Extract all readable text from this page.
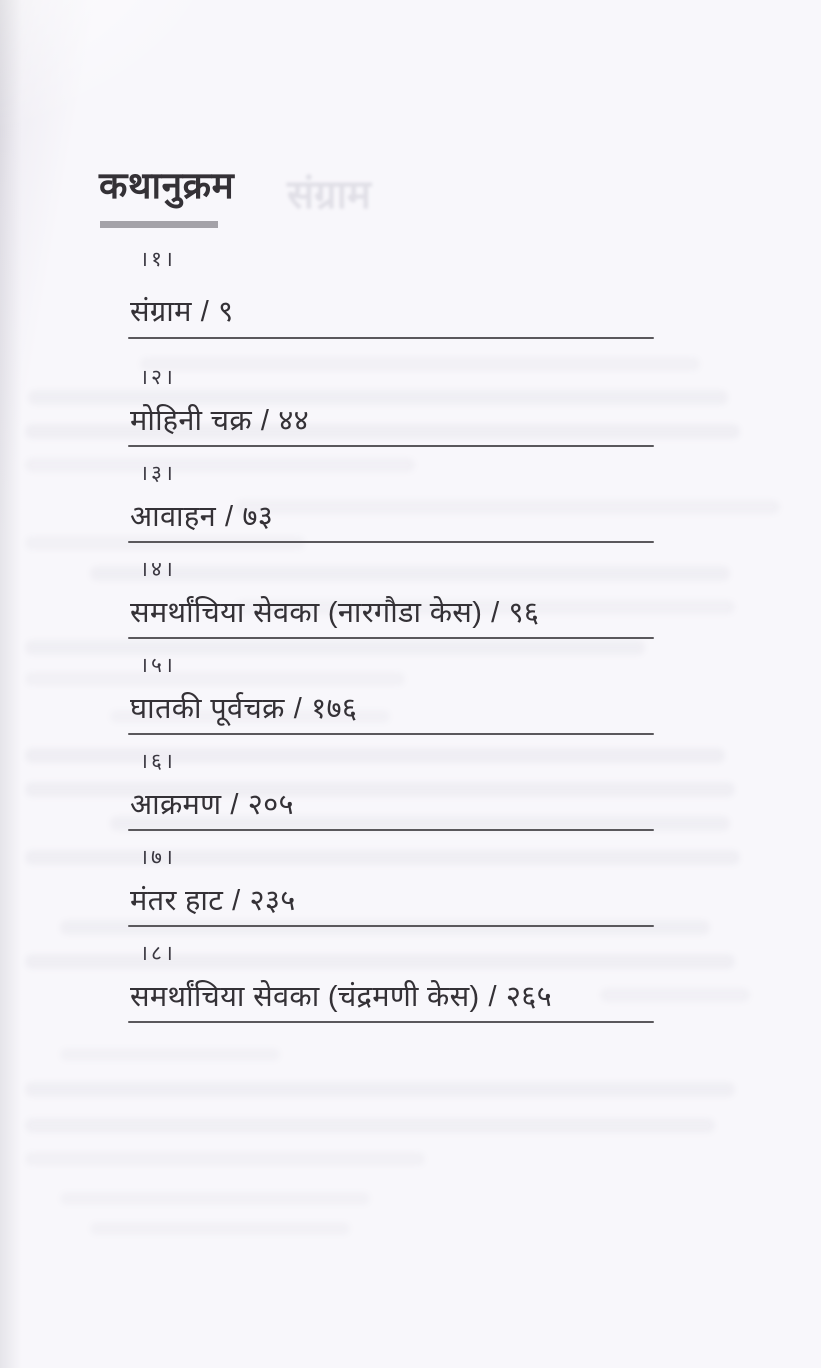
संग्राम
कथानुक्रम
।१।
संग्राम / ९
।२।
मोहिनी चक्र / ४४
।३।
आवाहन / ७३
।४।
समर्थांचिया सेवका (नारगौडा केस) / ९६
।५।
घातकी पूर्वचक्र / १७६
।६।
आक्रमण / २०५
।७।
मंतर हाट / २३५
।८।
समर्थांचिया सेवका (चंद्रमणी केस) / २६५
